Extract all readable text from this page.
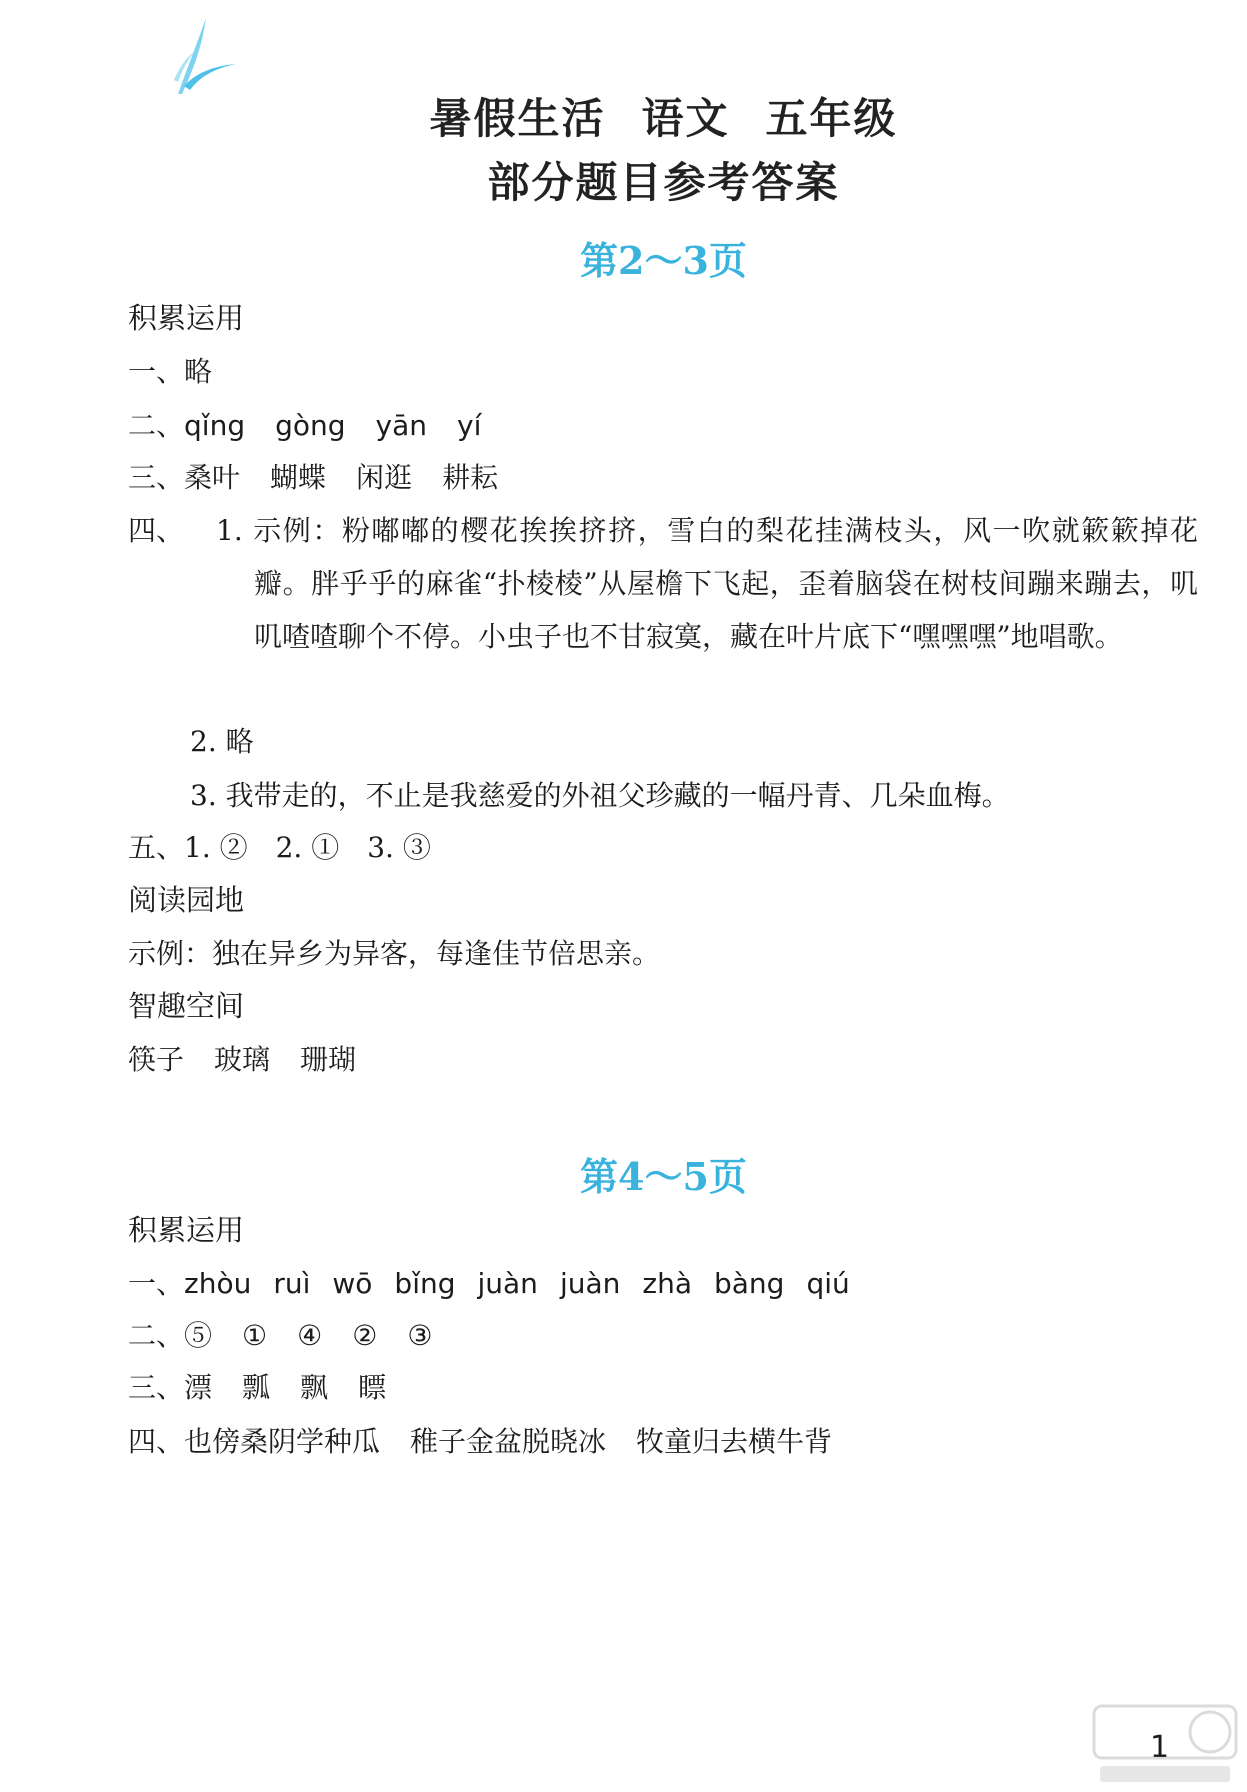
暑假生活 语文 五年级
部分题目参考答案
第2～3页
积累运用
一、略
二、qǐng gòng yān yí
三、桑叶 蝴蝶 闲逛 耕耘
四、	1. 示例：粉嘟嘟的樱花挨挨挤挤，雪白的梨花挂满枝头，风一吹就簌簌掉花瓣。胖乎乎的麻雀“扑棱棱”从屋檐下飞起，歪着脑袋在树枝间蹦来蹦去，叽叽喳喳聊个不停。小虫子也不甘寂寞，藏在叶片底下“嘿嘿嘿”地唱歌。
2. 略
3. 我带走的，不止是我慈爱的外祖父珍藏的一幅丹青、几朵血梅。
五、1. ②　2. ①　3. ③
阅读园地
示例：独在异乡为异客，每逢佳节倍思亲。
智趣空间
筷子 玻璃 珊瑚
第4～5页
积累运用
一、zhòu ruì wō bǐng juàn juàn zhà bàng qiú
二、⑤ ① ④ ② ③
三、漂 瓢 飘 瞟
四、也傍桑阴学种瓜 稚子金盆脱晓冰 牧童归去横牛背
1
